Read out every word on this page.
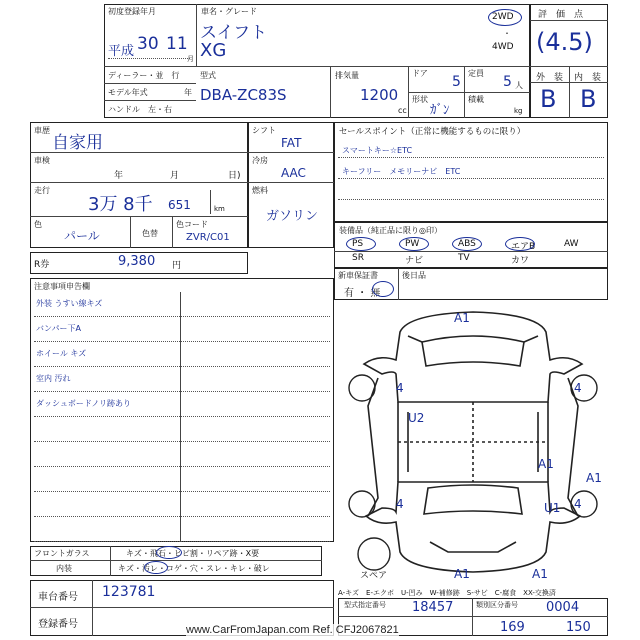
初度登録年月
平成 30 11
月
車名・グレード
スイフト
XG
2WD
・
4WD
ディーラー・並　行
モデル年式	年
ハンドル　左・右
型式
DBA-ZC83S
排気量
1200
cc
ドア
5
形状
ｶﾞﾝ
定員
5 人
積載
kg
評　価　点
(4.5)
外　装 内　装
B B
車歴
自家用
車検
年	月	日)
走行
3万 8千 651	km
色
パール	色替
色コード
ZVR/C01
シフト
FAT
冷房
AAC
燃料
ガソリン
セールスポイント（正常に機能するものに限り）
スマートキー☆ETC
キーフリー　メモリーナビ　ETC
装備品（純正品に限り◎印）
PS	PW	ABS	エアB	AW
SR	ナビ	TV	カワ
新車保証書	後日品
有 ・ 無
R券	9,380 円
注意事項申告欄
外装 うすい線キズ
バンパー下A
ホイール キズ
室内 汚れ
ダッシュボードノリ跡あり
フロントガラス	キズ・飛石・ヒビ割・リペア跡・X要
内装	キズ・汚レ・コゲ・穴・スレ・キレ・破レ
車台番号 123781
登録番号
A1
4	4
U2
A1
A1
4	4
U1
A1	A1
スペア
A-キズ　E-エクボ　U-凹み　W-補修跡　S-サビ　C-腐食　XX-交換済
型式指定番号 18457	類別区分番号 0004
169	150
www.CarFromJapan.com Ref. CFJ2067821
